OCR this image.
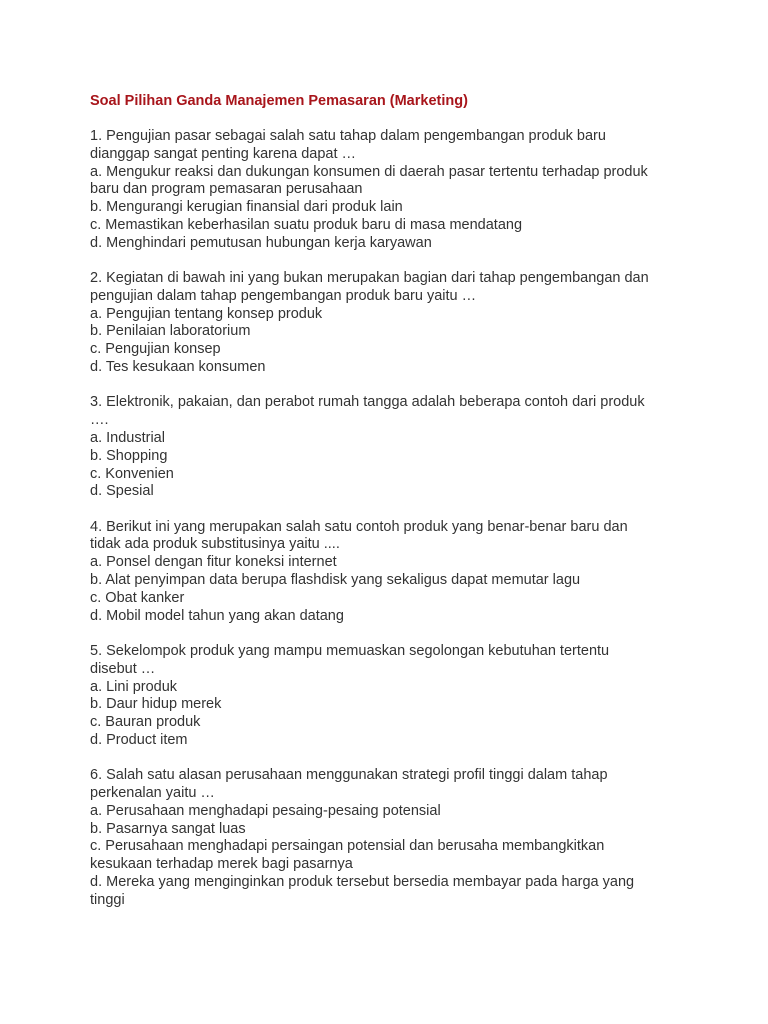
Soal Pilihan Ganda Manajemen Pemasaran (Marketing)
1. Pengujian pasar sebagai salah satu tahap dalam pengembangan produk baru
dianggap sangat penting karena dapat …
a. Mengukur reaksi dan dukungan konsumen di daerah pasar tertentu terhadap produk
baru dan program pemasaran perusahaan
b. Mengurangi kerugian finansial dari produk lain
c. Memastikan keberhasilan suatu produk baru di masa mendatang
d. Menghindari pemutusan hubungan kerja karyawan
2. Kegiatan di bawah ini yang bukan merupakan bagian dari tahap pengembangan dan
pengujian dalam tahap pengembangan produk baru yaitu …
a. Pengujian tentang konsep produk
b. Penilaian laboratorium
c. Pengujian konsep
d. Tes kesukaan konsumen
3. Elektronik, pakaian, dan perabot rumah tangga adalah beberapa contoh dari produk
….
a. Industrial
b. Shopping
c. Konvenien
d. Spesial
4. Berikut ini yang merupakan salah satu contoh produk yang benar-benar baru dan
tidak ada produk substitusinya yaitu ....
a. Ponsel dengan fitur koneksi internet
b. Alat penyimpan data berupa flashdisk yang sekaligus dapat memutar lagu
c. Obat kanker
d. Mobil model tahun yang akan datang
5. Sekelompok produk yang mampu memuaskan segolongan kebutuhan tertentu
disebut …
a. Lini produk
b. Daur hidup merek
c. Bauran produk
d. Product item
6. Salah satu alasan perusahaan menggunakan strategi profil tinggi dalam tahap
perkenalan yaitu …
a. Perusahaan menghadapi pesaing-pesaing potensial
b. Pasarnya sangat luas
c. Perusahaan menghadapi persaingan potensial dan berusaha membangkitkan
kesukaan terhadap merek bagi pasarnya
d. Mereka yang menginginkan produk tersebut bersedia membayar pada harga yang
tinggi
